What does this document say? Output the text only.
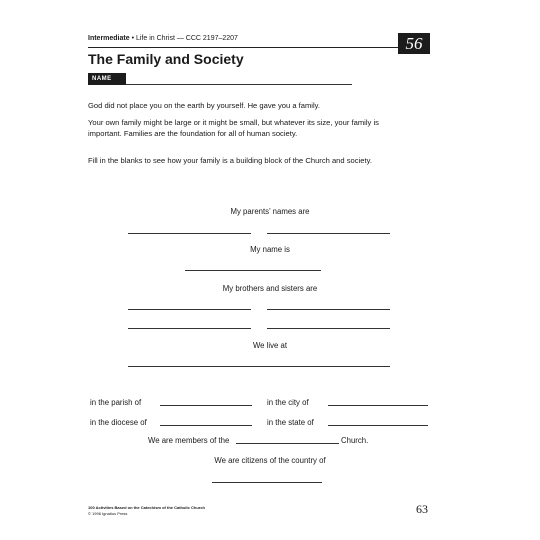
Intermediate • Life in Christ — CCC 2197–2207	56
The Family and Society
NAME

God did not place you on the earth by yourself. He gave you a family.

Your own family might be large or it might be small, but whatever its size, your family is important. Families are the foundation for all of human society.

Fill in the blanks to see how your family is a building block of the Church and society.

My parents’ names are
My name is
My brothers and sisters are
We live at
in the parish of	in the city of
in the diocese of	in the state of
We are members of the	Church.
We are citizens of the country of
100 Activities Based on the Catechism of the Catholic Church
© 1996 Ignatius Press	63
